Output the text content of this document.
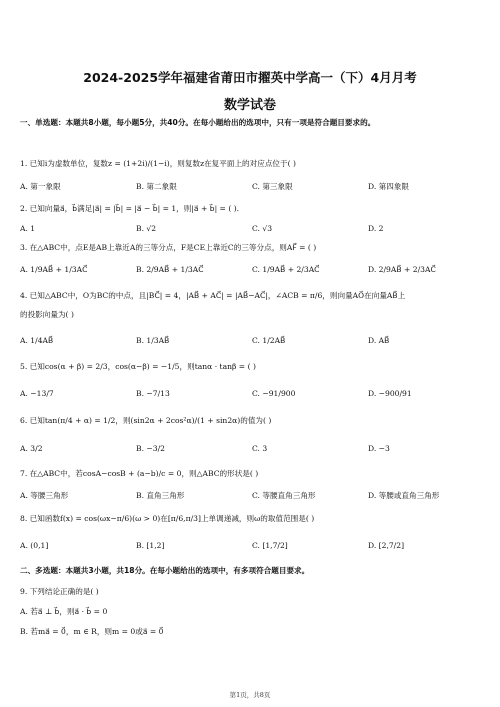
2024-2025学年福建省莆田市擢英中学高一（下）4月月考
数学试卷
一、单选题：本题共8小题，每小题5分，共40分。在每小题给出的选项中，只有一项是符合题目要求的。
1. 已知i为虚数单位，复数z = (1+2i)/(1−i)，则复数z在复平面上的对应点位于( )
A. 第一象限	B. 第二象限	C. 第三象限	D. 第四象限
2. 已知向量a⃗，b⃗满足|a⃗| = |b⃗| = |a⃗ − b⃗| = 1，则|a⃗ + b⃗| = ( ).
A. 1	B. √2	C. √3	D. 2
3. 在△ABC中，点E是AB上靠近A的三等分点，F是CE上靠近C的三等分点，则AF⃗ = ( )
A. 1/9AB⃗ + 1/3AC⃗	B. 2/9AB⃗ + 1/3AC⃗	C. 1/9AB⃗ + 2/3AC⃗	D. 2/9AB⃗ + 2/3AC⃗
4. 已知△ABC中，O为BC的中点，且|BC⃗| = 4，|AB⃗ + AC⃗| = |AB⃗−AC⃗|，∠ACB = π/6，则向量AO⃗在向量AB⃗上
的投影向量为( )
A. 1/4AB⃗	B. 1/3AB⃗	C. 1/2AB⃗	D. AB⃗
5. 已知cos(α + β) = 2/3，cos(α−β) = −1/5，则tanα · tanβ = ( )
A. −13/7	B. −7/13	C. −91/900	D. −900/91
6. 已知tan(π/4 + α) = 1/2，则(sin2α + 2cos²α)/(1 + sin2α)的值为( )
A. 3/2	B. −3/2	C. 3	D. −3
7. 在△ABC中，若cosA−cosB + (a−b)/c = 0，则△ABC的形状是( )
A. 等腰三角形	B. 直角三角形	C. 等腰直角三角形	D. 等腰或直角三角形
8. 已知函数f(x) = cos(ωx−π/6)(ω > 0)在[π/6,π/3]上单调递减，则ω的取值范围是( )
A. (0,1]	B. [1,2]	C. [1,7/2]	D. [2,7/2]
二、多选题：本题共3小题，共18分。在每小题给出的选项中，有多项符合题目要求。
9. 下列结论正确的是( )
A. 若a⃗ ⊥ b⃗，则a⃗ · b⃗ = 0
B. 若ma⃗ = 0⃗，m ∈ R，则m = 0或a⃗ = 0⃗
第1页，共8页
